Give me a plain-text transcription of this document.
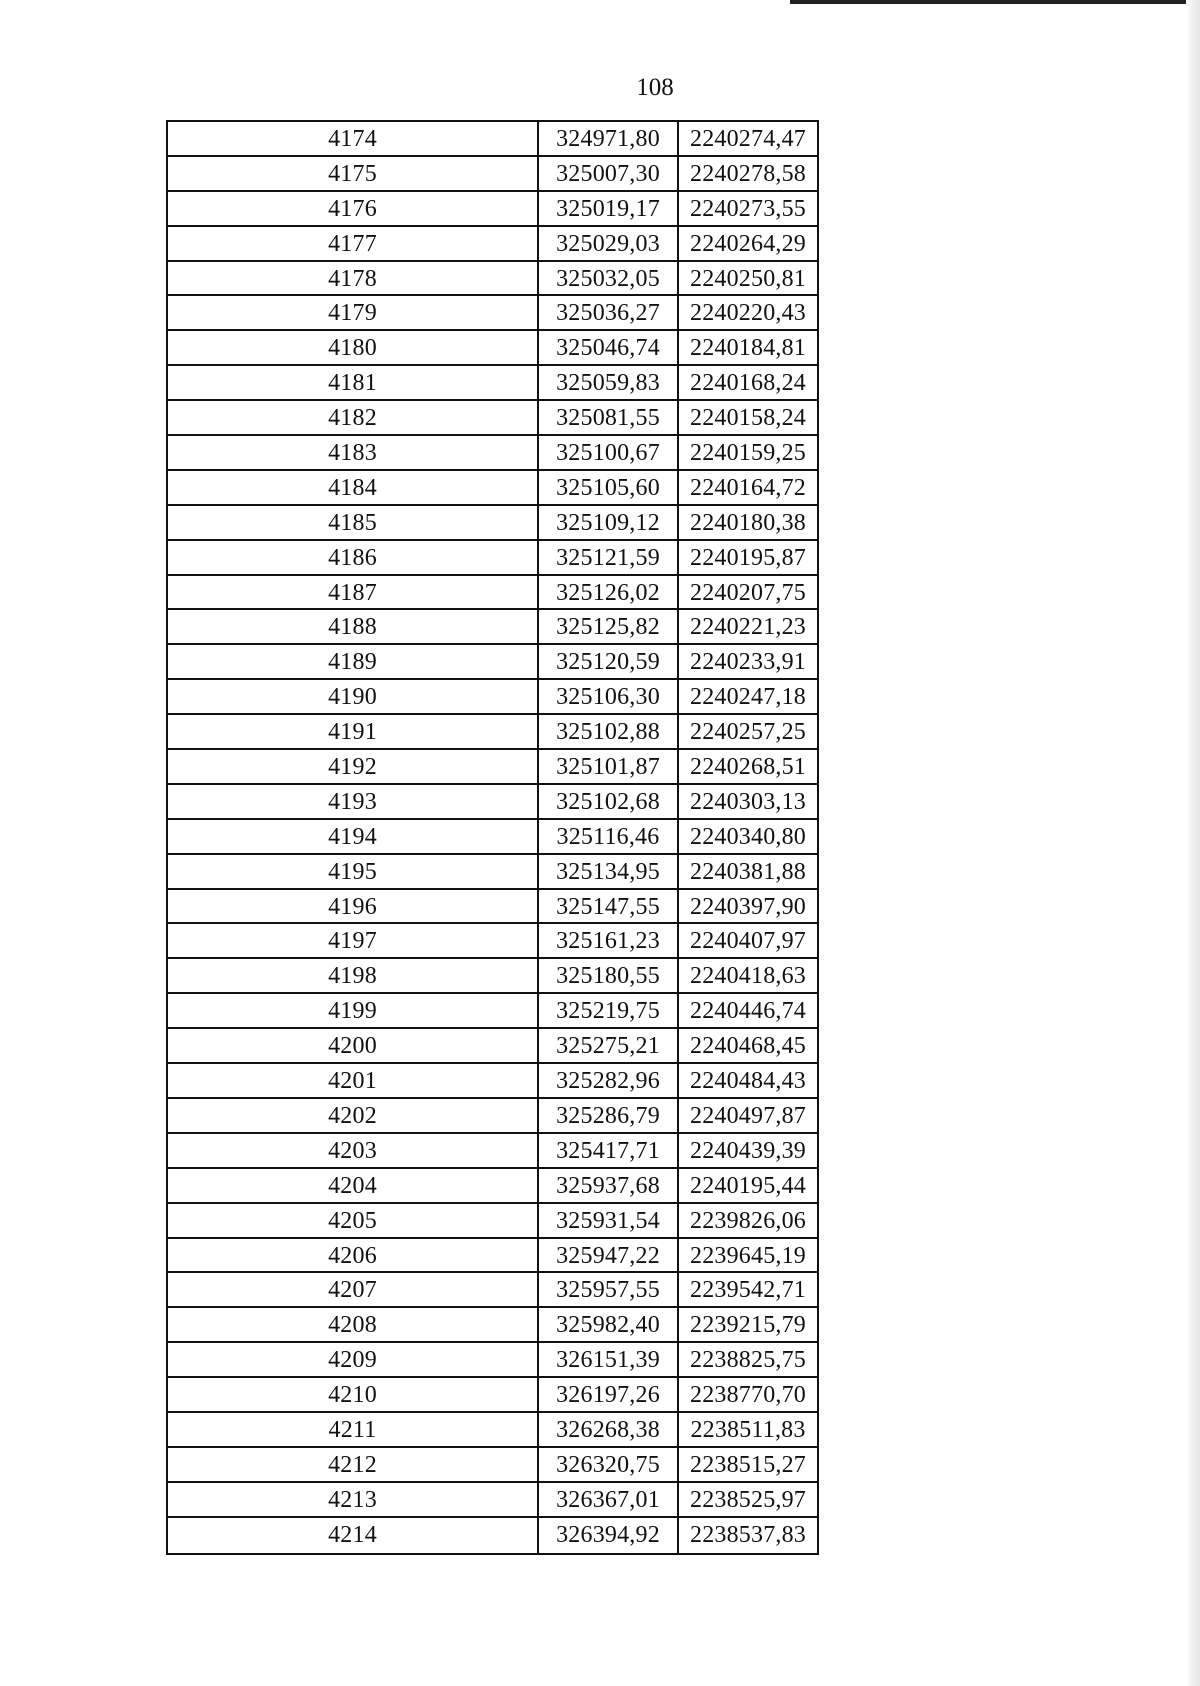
108
4174	324971,80	2240274,47
4175	325007,30	2240278,58
4176	325019,17	2240273,55
4177	325029,03	2240264,29
4178	325032,05	2240250,81
4179	325036,27	2240220,43
4180	325046,74	2240184,81
4181	325059,83	2240168,24
4182	325081,55	2240158,24
4183	325100,67	2240159,25
4184	325105,60	2240164,72
4185	325109,12	2240180,38
4186	325121,59	2240195,87
4187	325126,02	2240207,75
4188	325125,82	2240221,23
4189	325120,59	2240233,91
4190	325106,30	2240247,18
4191	325102,88	2240257,25
4192	325101,87	2240268,51
4193	325102,68	2240303,13
4194	325116,46	2240340,80
4195	325134,95	2240381,88
4196	325147,55	2240397,90
4197	325161,23	2240407,97
4198	325180,55	2240418,63
4199	325219,75	2240446,74
4200	325275,21	2240468,45
4201	325282,96	2240484,43
4202	325286,79	2240497,87
4203	325417,71	2240439,39
4204	325937,68	2240195,44
4205	325931,54	2239826,06
4206	325947,22	2239645,19
4207	325957,55	2239542,71
4208	325982,40	2239215,79
4209	326151,39	2238825,75
4210	326197,26	2238770,70
4211	326268,38	2238511,83
4212	326320,75	2238515,27
4213	326367,01	2238525,97
4214	326394,92	2238537,83
